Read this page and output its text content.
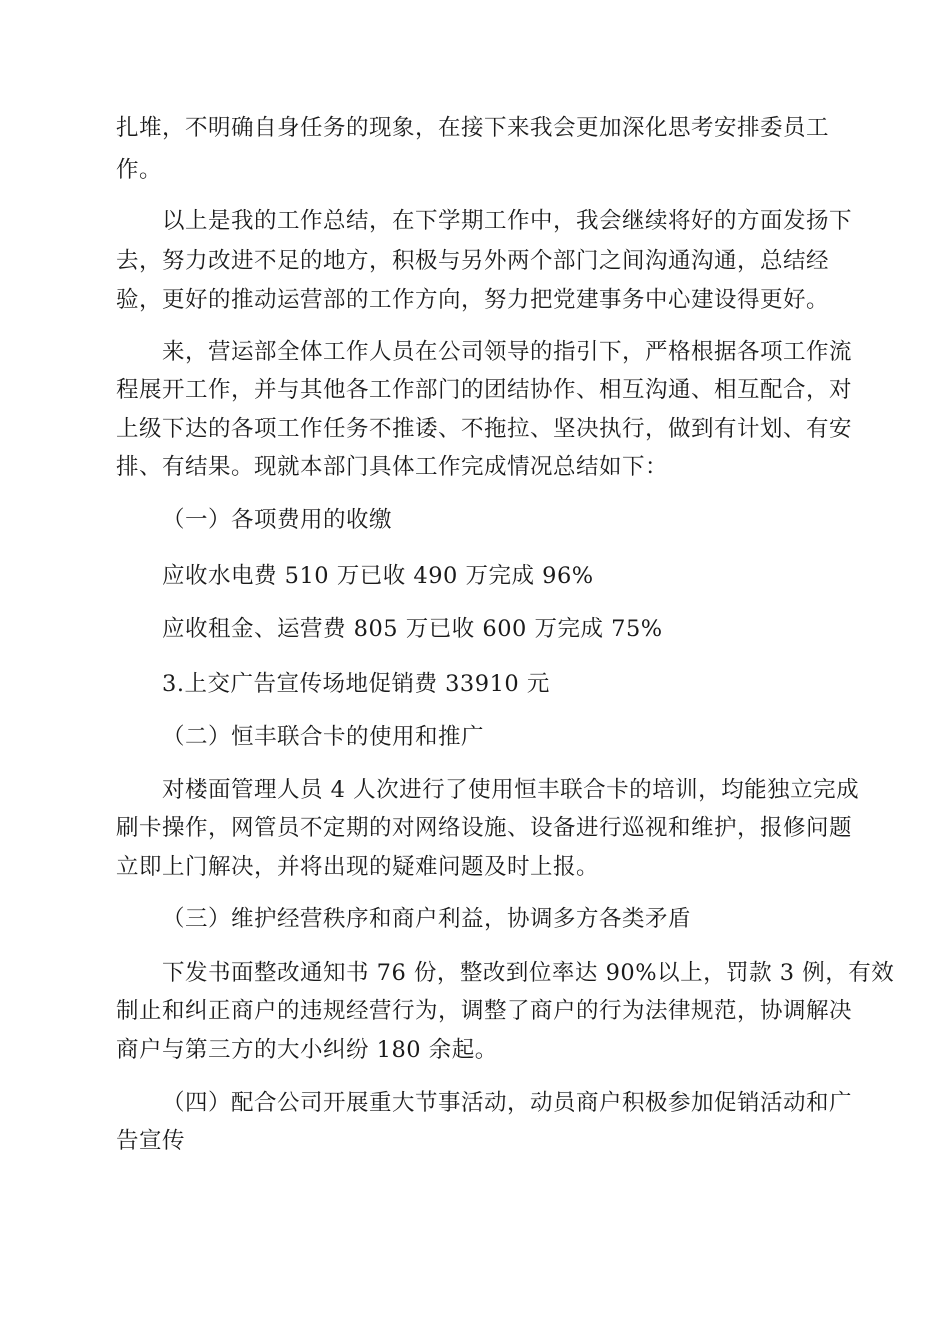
扎堆，不明确自身任务的现象，在接下来我会更加深化思考安排委员工

作。

以上是我的工作总结，在下学期工作中，我会继续将好的方面发扬下

去，努力改进不足的地方，积极与另外两个部门之间沟通沟通，总结经

验，更好的推动运营部的工作方向，努力把党建事务中心建设得更好。

来，营运部全体工作人员在公司领导的指引下，严格根据各项工作流

程展开工作，并与其他各工作部门的团结协作、相互沟通、相互配合，对

上级下达的各项工作任务不推诿、不拖拉、坚决执行，做到有计划、有安

排、有结果。现就本部门具体工作完成情况总结如下：

（一）各项费用的收缴

应收水电费 510 万已收 490 万完成 96%

应收租金、运营费 805 万已收 600 万完成 75%

3.上交广告宣传场地促销费 33910 元

（二）恒丰联合卡的使用和推广

对楼面管理人员 4 人次进行了使用恒丰联合卡的培训，均能独立完成

刷卡操作，网管员不定期的对网络设施、设备进行巡视和维护，报修问题

立即上门解决，并将出现的疑难问题及时上报。

（三）维护经营秩序和商户利益，协调多方各类矛盾

下发书面整改通知书 76 份，整改到位率达 90%以上，罚款 3 例，有效

制止和纠正商户的违规经营行为，调整了商户的行为法律规范，协调解决

商户与第三方的大小纠纷 180 余起。

（四）配合公司开展重大节事活动，动员商户积极参加促销活动和广

告宣传
